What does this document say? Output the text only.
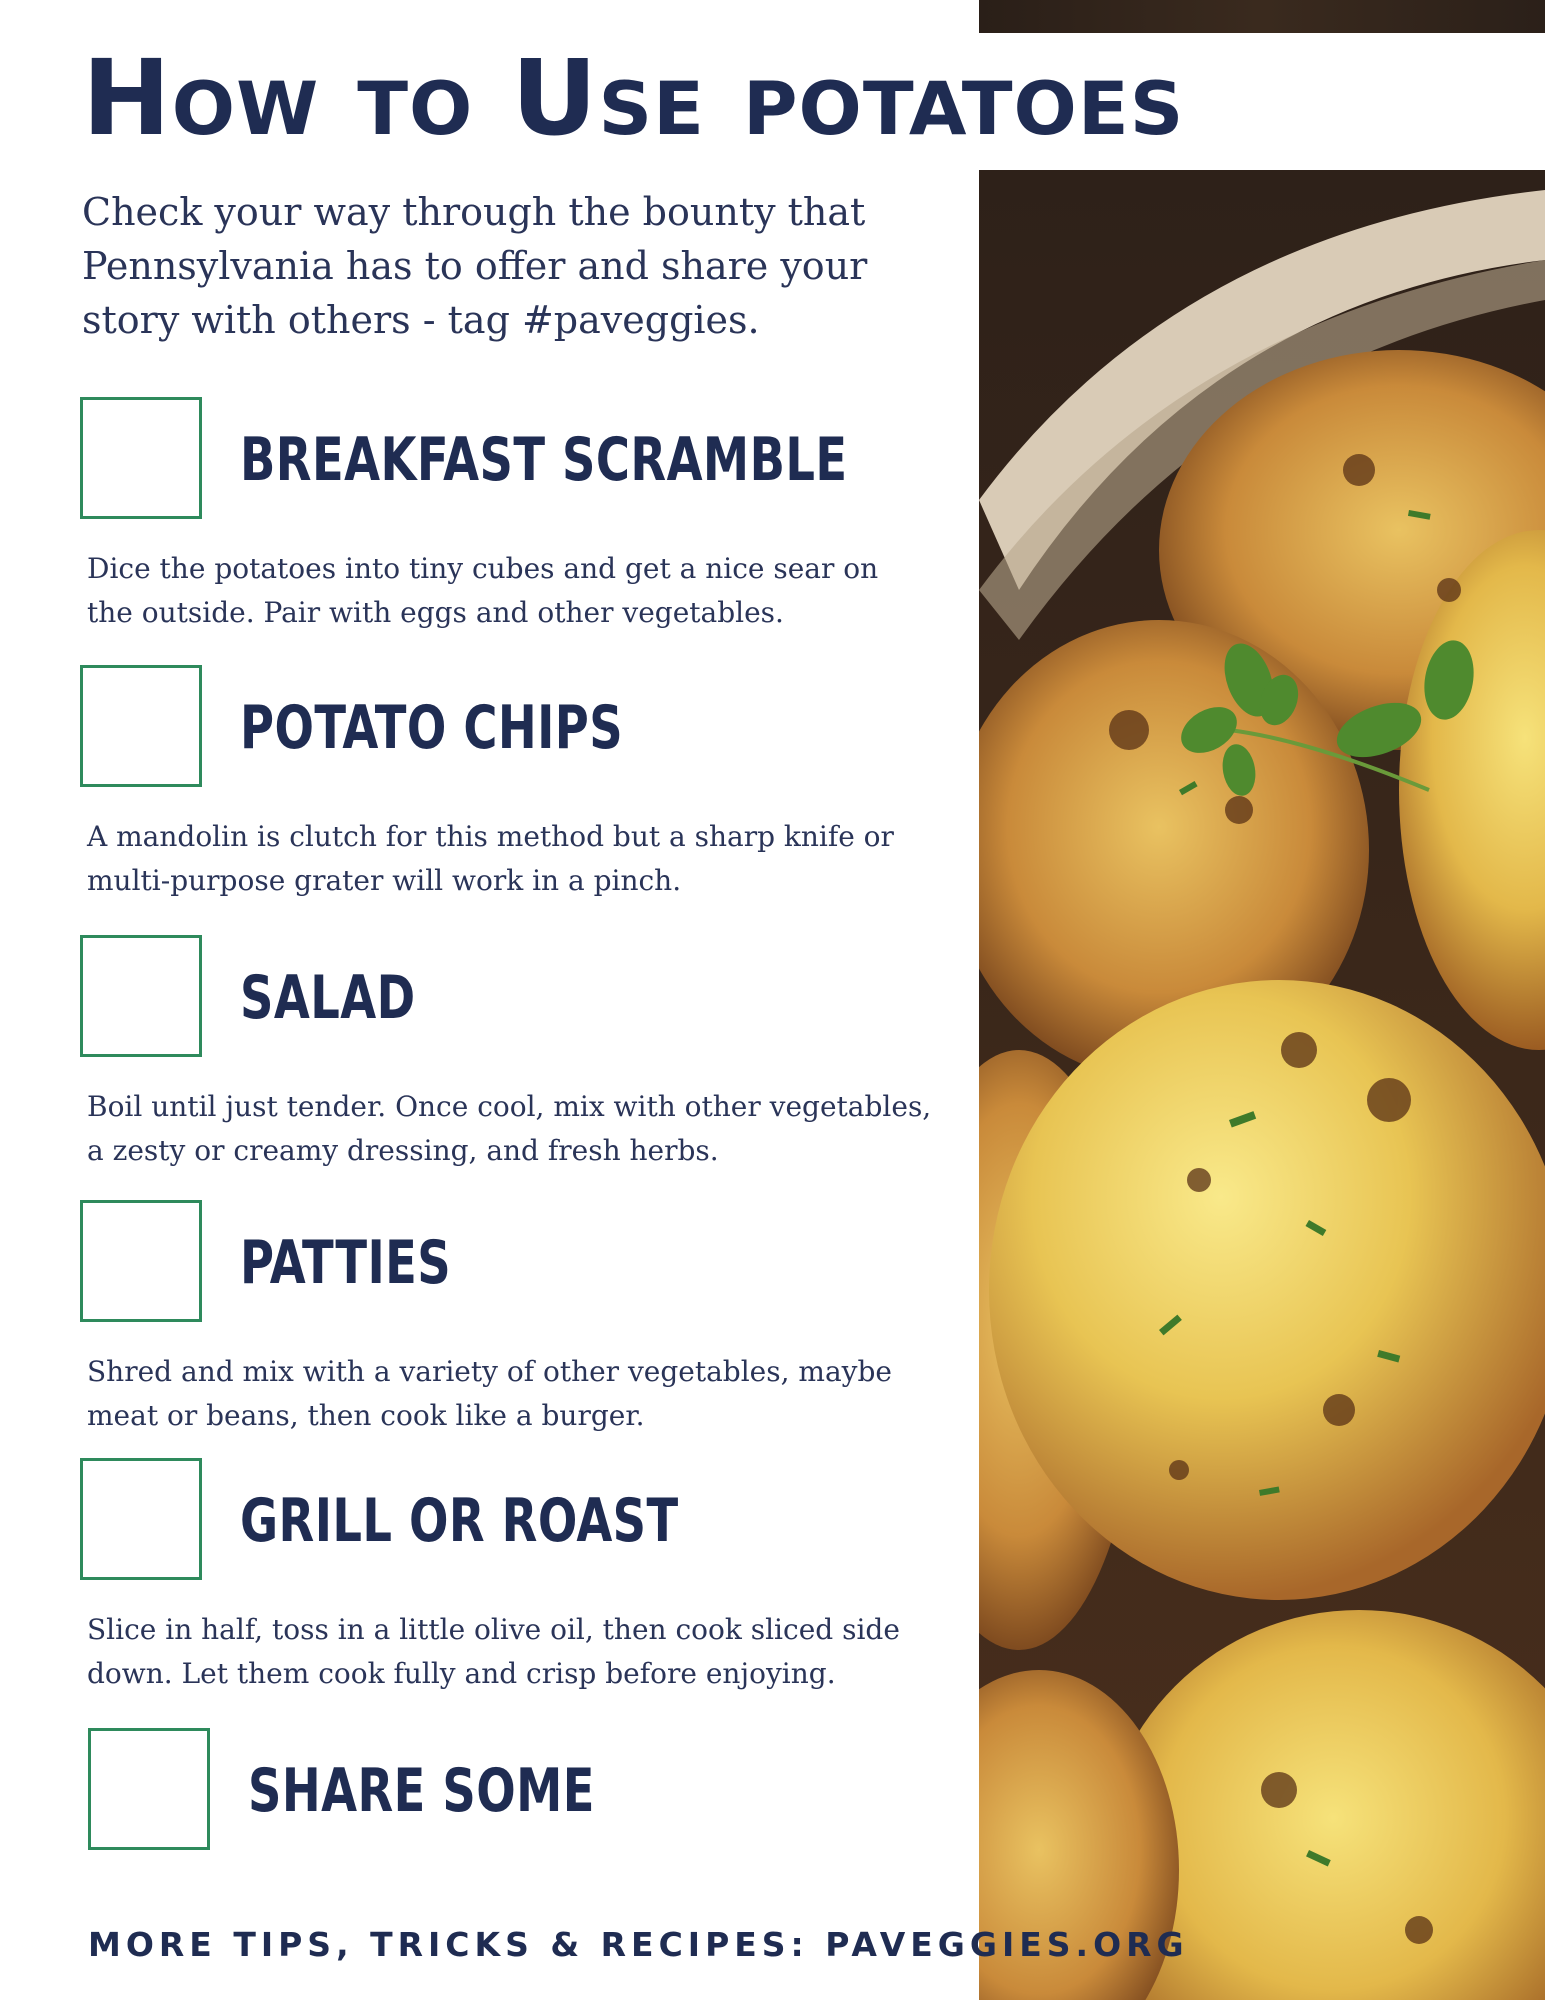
How to Use potatoes
Check your way through the bounty that Pennsylvania has to offer and share your story with others - tag #paveggies.
BREAKFAST SCRAMBLE
Dice the potatoes into tiny cubes and get a nice sear on the outside. Pair with eggs and other vegetables.
POTATO CHIPS
A mandolin is clutch for this method but a sharp knife or multi-purpose grater will work in a pinch.
SALAD
Boil until just tender. Once cool, mix with other vegetables, a zesty or creamy dressing, and fresh herbs.
PATTIES
Shred and mix with a variety of other vegetables, maybe meat or beans, then cook like a burger.
GRILL OR ROAST
Slice in half, toss in a little olive oil, then cook sliced side down. Let them cook fully and crisp before enjoying.
SHARE SOME
MORE TIPS, TRICKS & RECIPES: PAVEGGIES.ORG
